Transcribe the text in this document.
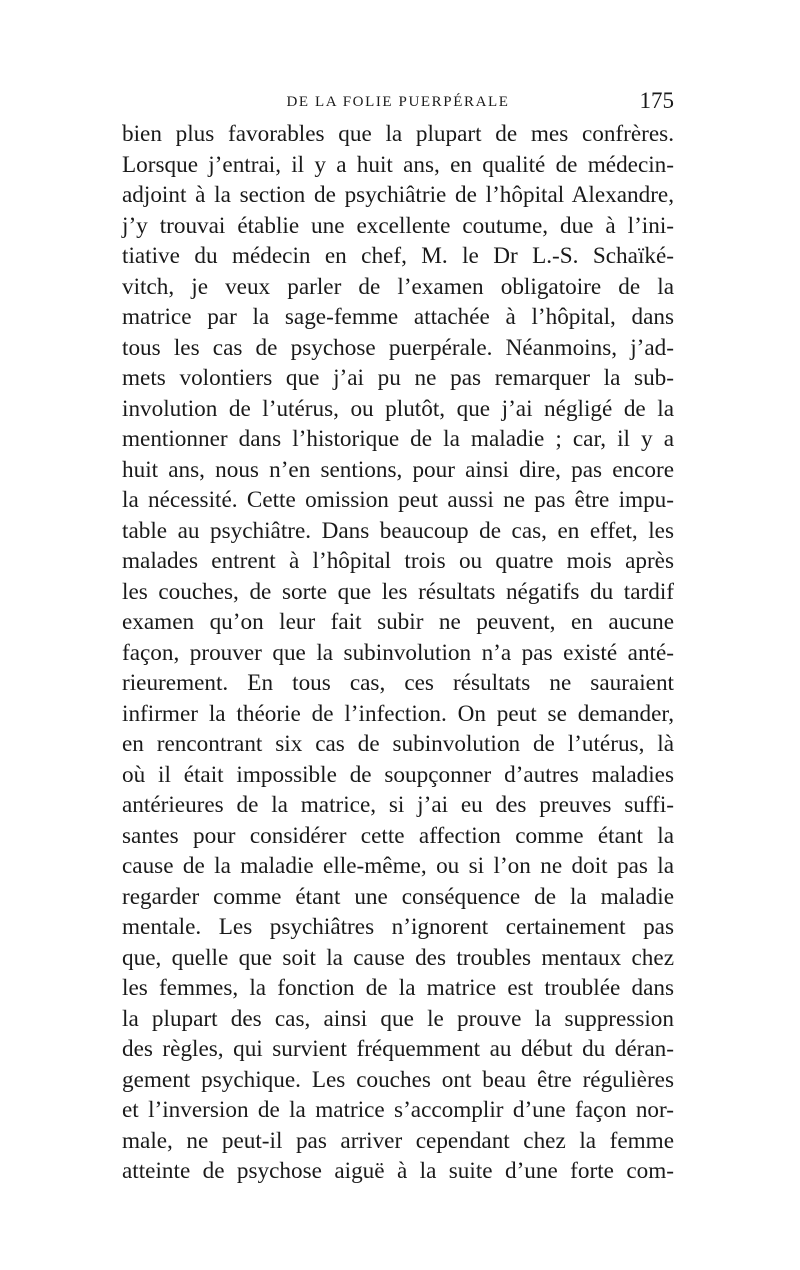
DE LA FOLIE PUERPÉRALE	175
bien plus favorables que la plupart de mes confrères.
Lorsque j’entrai, il y a huit ans, en qualité de médecin-
adjoint à la section de psychiâtrie de l’hôpital Alexandre,
j’y trouvai établie une excellente coutume, due à l’ini-
tiative du médecin en chef, M. le Dr L.-S. Schaïké-
vitch, je veux parler de l’examen obligatoire de la
matrice par la sage-femme attachée à l’hôpital, dans
tous les cas de psychose puerpérale. Néanmoins, j’ad-
mets volontiers que j’ai pu ne pas remarquer la sub-
involution de l’utérus, ou plutôt, que j’ai négligé de la
mentionner dans l’historique de la maladie ; car, il y a
huit ans, nous n’en sentions, pour ainsi dire, pas encore
la nécessité. Cette omission peut aussi ne pas être impu-
table au psychiâtre. Dans beaucoup de cas, en effet, les
malades entrent à l’hôpital trois ou quatre mois après
les couches, de sorte que les résultats négatifs du tardif
examen qu’on leur fait subir ne peuvent, en aucune
façon, prouver que la subinvolution n’a pas existé anté-
rieurement. En tous cas, ces résultats ne sauraient
infirmer la théorie de l’infection. On peut se demander,
en rencontrant six cas de subinvolution de l’utérus, là
où il était impossible de soupçonner d’autres maladies
antérieures de la matrice, si j’ai eu des preuves suffi-
santes pour considérer cette affection comme étant la
cause de la maladie elle-même, ou si l’on ne doit pas la
regarder comme étant une conséquence de la maladie
mentale. Les psychiâtres n’ignorent certainement pas
que, quelle que soit la cause des troubles mentaux chez
les femmes, la fonction de la matrice est troublée dans
la plupart des cas, ainsi que le prouve la suppression
des règles, qui survient fréquemment au début du déran-
gement psychique. Les couches ont beau être régulières
et l’inversion de la matrice s’accomplir d’une façon nor-
male, ne peut-il pas arriver cependant chez la femme
atteinte de psychose aiguë à la suite d’une forte com-
